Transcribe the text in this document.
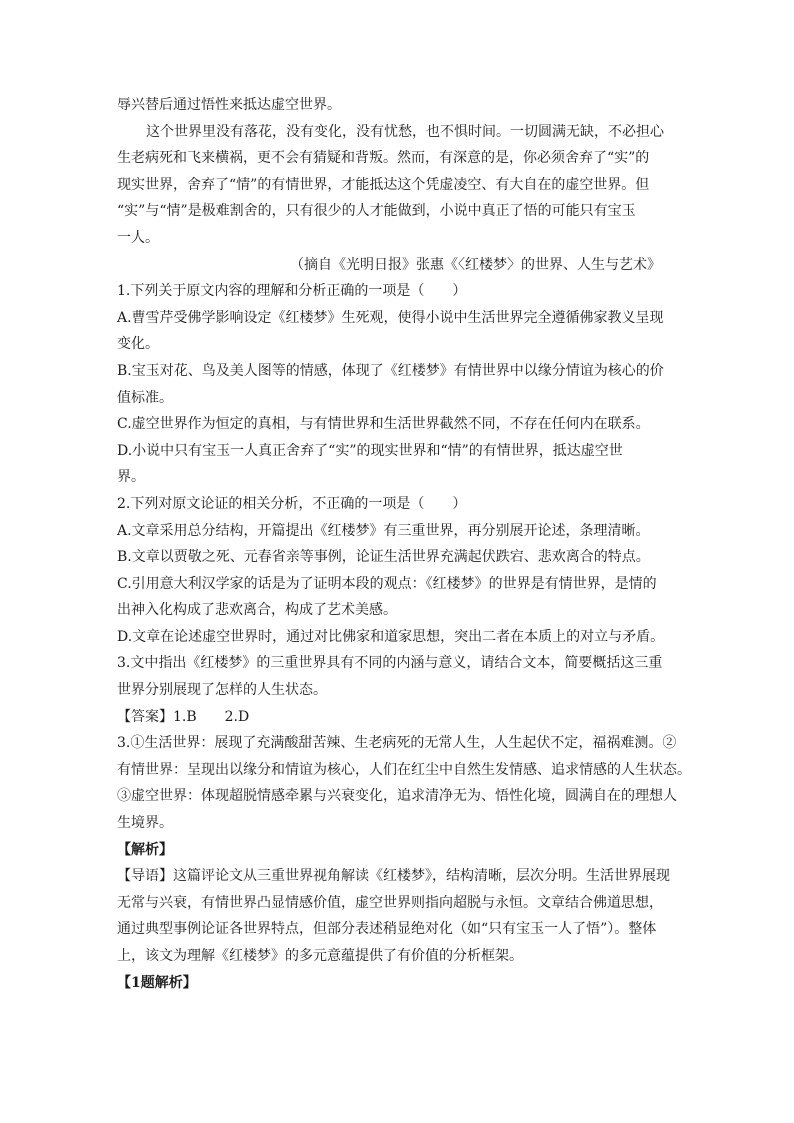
辱兴替后通过悟性来抵达虚空世界。

这个世界里没有落花，没有变化，没有忧愁，也不惧时间。一切圆满无缺，不必担心

生老病死和飞来横祸，更不会有猜疑和背叛。然而，有深意的是，你必须舍弃了“实”的

现实世界，舍弃了“情”的有情世界，才能抵达这个凭虚凌空、有大自在的虚空世界。但

“实”与“情”是极难割舍的，只有很少的人才能做到，小说中真正了悟的可能只有宝玉

一人。

（摘自《光明日报》张惠《〈红楼梦〉的世界、人生与艺术》

1.下列关于原文内容的理解和分析正确的一项是（　　）

A.曹雪芹受佛学影响设定《红楼梦》生死观，使得小说中生活世界完全遵循佛家教义呈现

变化。

B.宝玉对花、鸟及美人图等的情感，体现了《红楼梦》有情世界中以缘分情谊为核心的价

值标准。

C.虚空世界作为恒定的真相，与有情世界和生活世界截然不同，不存在任何内在联系。

D.小说中只有宝玉一人真正舍弃了“实”的现实世界和“情”的有情世界，抵达虚空世

界。

2.下列对原文论证的相关分析，不正确的一项是（　　）

A.文章采用总分结构，开篇提出《红楼梦》有三重世界，再分别展开论述，条理清晰。

B.文章以贾敬之死、元春省亲等事例，论证生活世界充满起伏跌宕、悲欢离合的特点。

C.引用意大利汉学家的话是为了证明本段的观点：《红楼梦》的世界是有情世界，是情的

出神入化构成了悲欢离合，构成了艺术美感。

D.文章在论述虚空世界时，通过对比佛家和道家思想，突出二者在本质上的对立与矛盾。

3.文中指出《红楼梦》的三重世界具有不同的内涵与意义，请结合文本，简要概括这三重

世界分别展现了怎样的人生状态。

【答案】1.B　　2.D

3.①生活世界：展现了充满酸甜苦辣、生老病死的无常人生，人生起伏不定，福祸难测。②

有情世界：呈现出以缘分和情谊为核心，人们在红尘中自然生发情感、追求情感的人生状态。

③虚空世界：体现超脱情感牵累与兴衰变化，追求清净无为、悟性化境，圆满自在的理想人

生境界。

【解析】

【导语】这篇评论文从三重世界视角解读《红楼梦》，结构清晰，层次分明。生活世界展现

无常与兴衰，有情世界凸显情感价值，虚空世界则指向超脱与永恒。文章结合佛道思想，

通过典型事例论证各世界特点，但部分表述稍显绝对化（如“只有宝玉一人了悟”）。整体

上，该文为理解《红楼梦》的多元意蕴提供了有价值的分析框架。

【1题解析】
